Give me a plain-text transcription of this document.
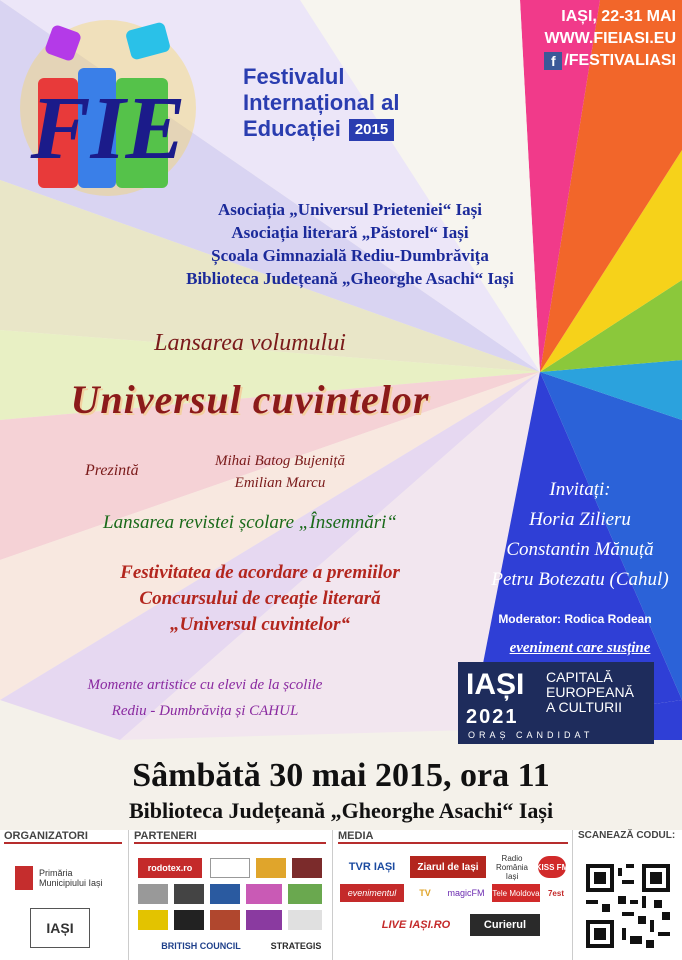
FIE
Festivalul
Internațional al
Educației 2015
IAȘI, 22-31 MAI
WWW.FIEIASI.EU
f /FESTIVALIASI
Asociația „Universul Prieteniei“ Iași
Asociația literară „Păstorel“ Iași
Școala Gimnazială Rediu-Dumbrăvița
Biblioteca Județeană „Gheorghe Asachi“ Iași
Lansarea volumului
Universul cuvintelor
Prezintă
Mihai Batog Bujeniță
Emilian Marcu
Lansarea revistei școlare „Însemnări“
Festivitatea de acordare a premiilor
Concursului de creație literară
„Universul cuvintelor“
Momente artistice cu elevi de la școlile
Rediu - Dumbrăvița și CAHUL
Invitați:
Horia Zilieru
Constantin Mănuță
Petru Botezatu (Cahul)
Moderator: Rodica Rodean
eveniment care susține
IAȘI
2021
CAPITALĂ
EUROPEANĂ
A CULTURII
ORAȘ CANDIDAT
Sâmbătă 30 mai 2015, ora 11
Biblioteca Județeană „Gheorghe Asachi“ Iași
ORGANIZATORI
Primăria Municipiului Iași
IAȘI
PARTENERI
rodotex.ro
BRITISH COUNCIL	STRATEGIS
MEDIA
TVR IAȘI	Ziarul de Iași
Radio România Iași
KISS FM
evenimentul	TV	magicFM Tele Moldova 7est
LIVE IAȘI.RO	Curierul
SCANEAZĂ CODUL:
